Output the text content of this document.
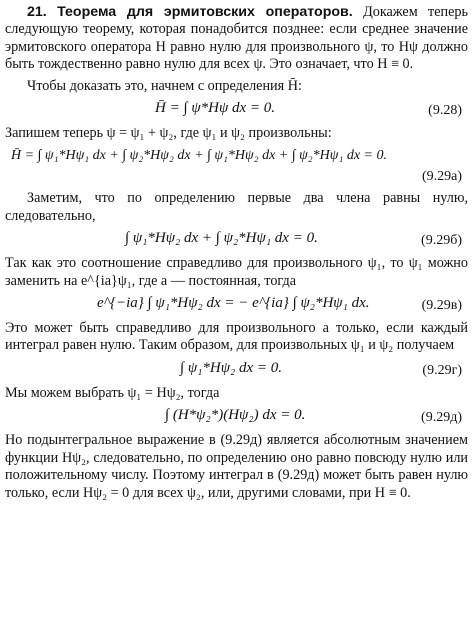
21. Теорема для эрмитовских операторов. Докажем теперь следующую теорему, которая понадобится позднее: если среднее значение эрмитовского оператора H равно нулю для произвольного ψ, то Hψ должно быть тождественно равно нулю для всех ψ. Это означает, что H ≡ 0.

Чтобы доказать это, начнем с определения H̄:

H̄ = ∫ ψ*Hψ dx = 0.	(9.28)

Запишем теперь ψ = ψ₁ + ψ₂, где ψ₁ и ψ₂ произвольны:

H̄ = ∫ ψ₁*Hψ₁ dx + ∫ ψ₂*Hψ₂ dx + ∫ ψ₁*Hψ₂ dx + ∫ ψ₂*Hψ₁ dx = 0.
(9.29а)

Заметим, что по определению первые два члена равны нулю, следовательно,

∫ ψ₁*Hψ₂ dx + ∫ ψ₂*Hψ₁ dx = 0.	(9.29б)

Так как это соотношение справедливо для произвольного ψ₁, то ψ₁ можно заменить на e^{ia}ψ₁, где a — постоянная, тогда

e^{−ia} ∫ ψ₁*Hψ₂ dx = − e^{ia} ∫ ψ₂*Hψ₁ dx.	(9.29в)

Это может быть справедливо для произвольного a только, если каждый интеграл равен нулю. Таким образом, для произвольных ψ₁ и ψ₂ получаем

∫ ψ₁*Hψ₂ dx = 0.	(9.29г)

Мы можем выбрать ψ₁ = Hψ₂, тогда

∫ (H*ψ₂*)(Hψ₂) dx = 0.	(9.29д)

Но подынтегральное выражение в (9.29д) является абсолютным значением функции Hψ₂, следовательно, по определению оно равно повсюду нулю или положительному числу. Поэтому интеграл в (9.29д) может быть равен нулю только, если Hψ₂ = 0 для всех ψ₂, или, другими словами, при H ≡ 0.
